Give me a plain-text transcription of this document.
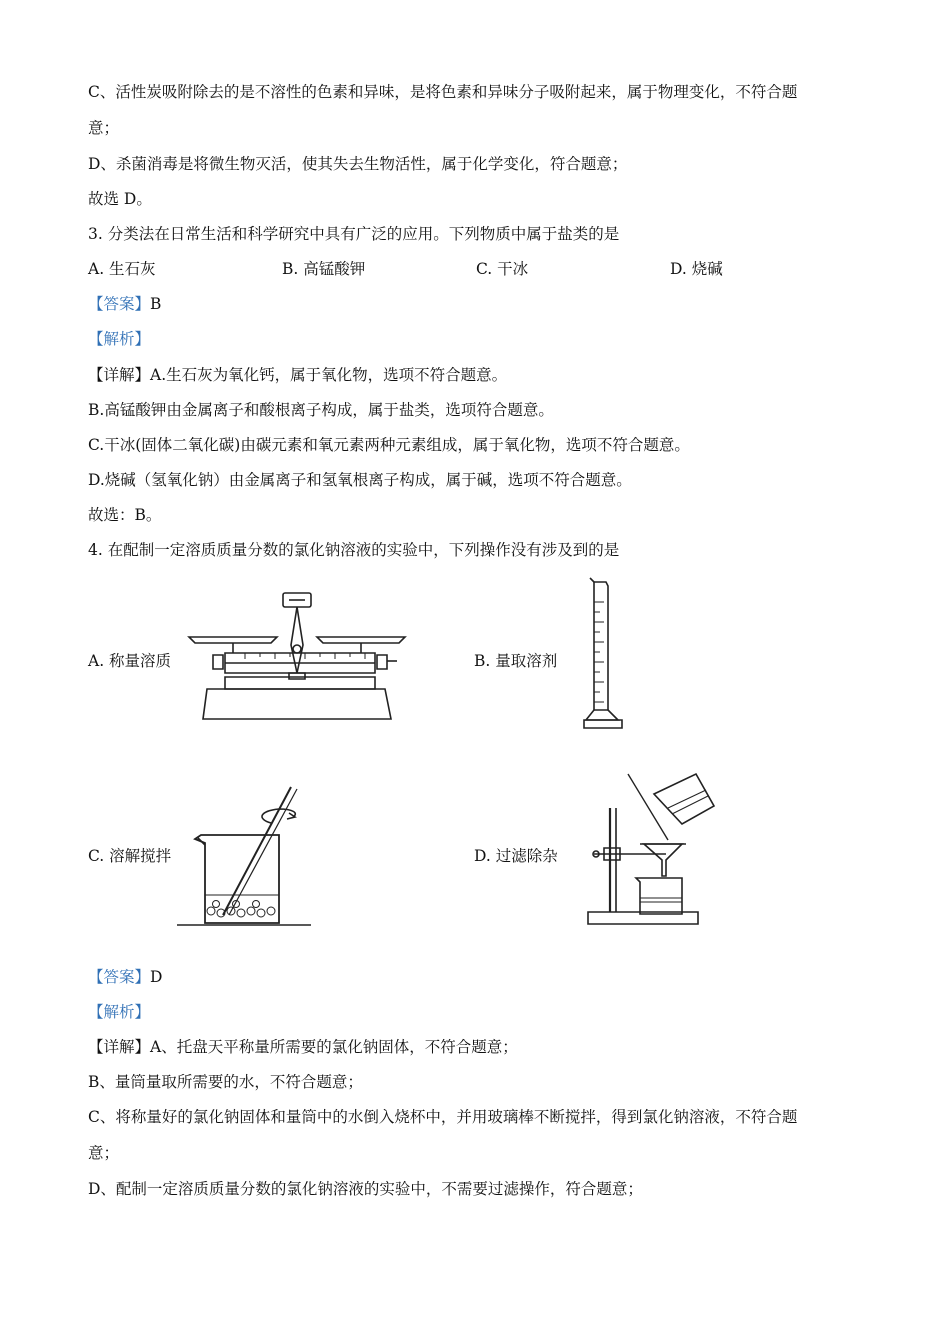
C、活性炭吸附除去的是不溶性的色素和异味，是将色素和异味分子吸附起来，属于物理变化，不符合题
意；
D、杀菌消毒是将微生物灭活，使其失去生物活性，属于化学变化，符合题意；
故选 D。
3. 分类法在日常生活和科学研究中具有广泛的应用。下列物质中属于盐类的是
A. 生石灰	B. 高锰酸钾	C. 干冰	D. 烧碱
【答案】B
【解析】
【详解】A.生石灰为氧化钙，属于氧化物，选项不符合题意。
B.高锰酸钾由金属离子和酸根离子构成，属于盐类，选项符合题意。
C.干冰(固体二氧化碳)由碳元素和氧元素两种元素组成，属于氧化物，选项不符合题意。
D.烧碱（氢氧化钠）由金属离子和氢氧根离子构成，属于碱，选项不符合题意。
故选：B。
4. 在配制一定溶质质量分数的氯化钠溶液的实验中，下列操作没有涉及到的是
A. 称量溶质	B. 量取溶剂
C. 溶解搅拌	D. 过滤除杂
【答案】D
【解析】
【详解】A、托盘天平称量所需要的氯化钠固体，不符合题意；
B、量筒量取所需要的水，不符合题意；
C、将称量好的氯化钠固体和量筒中的水倒入烧杯中，并用玻璃棒不断搅拌，得到氯化钠溶液，不符合题
意；
D、配制一定溶质质量分数的氯化钠溶液的实验中，不需要过滤操作，符合题意；
